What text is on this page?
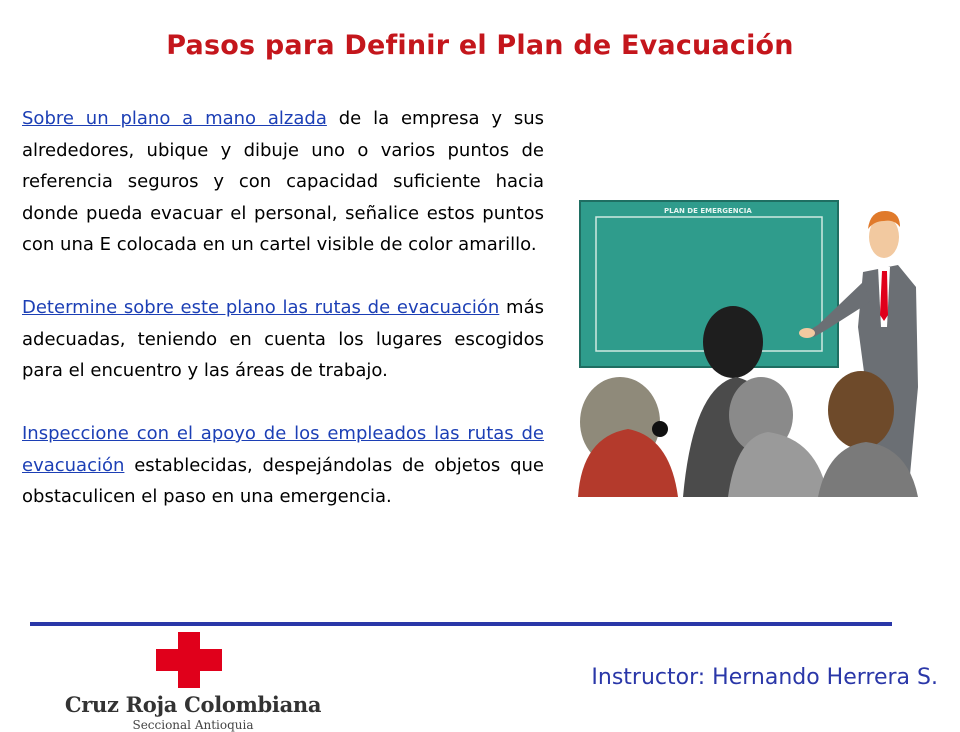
Pasos para Definir el Plan de Evacuación

Sobre un plano a mano alzada de la empresa y sus alrededores, ubique y dibuje uno o varios puntos de referencia seguros y con capacidad suficiente hacia donde pueda evacuar el personal, señalice estos puntos con una E colocada en un cartel visible de color amarillo.

Determine sobre este plano las rutas de evacuación más adecuadas, teniendo en cuenta los lugares escogidos para el encuentro y las áreas de trabajo.

Inspeccione con el apoyo de los empleados las rutas de evacuación establecidas, despejándolas de objetos que obstaculicen el paso en una emergencia.

PLAN DE EMERGENCIA
Cruz Roja Colombiana
Seccional Antioquia
Instructor: Hernando Herrera S.
